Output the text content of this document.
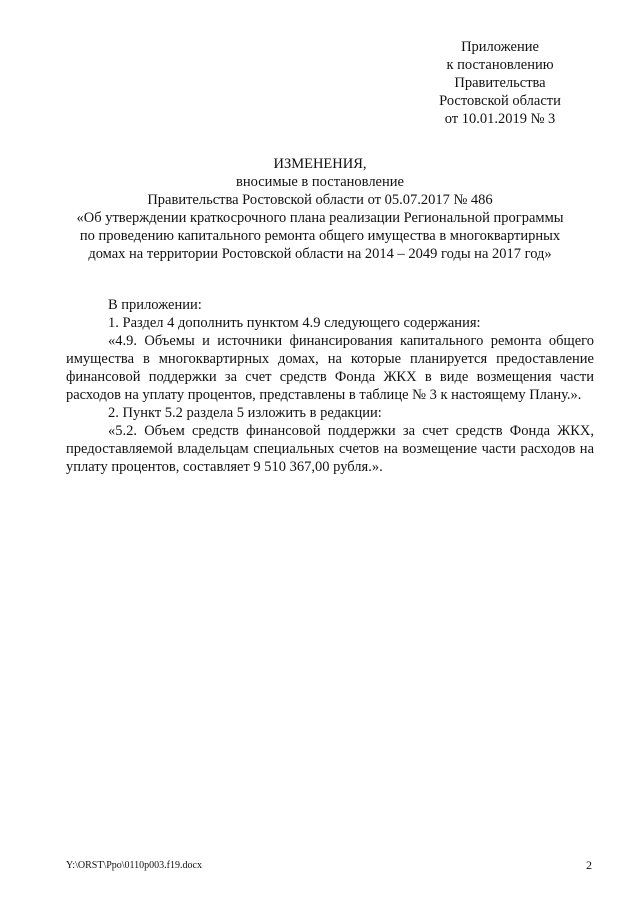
Приложение
к постановлению
Правительства
Ростовской области
от 10.01.2019 № 3
ИЗМЕНЕНИЯ,
вносимые в постановление
Правительства Ростовской области от 05.07.2017 № 486
«Об утверждении краткосрочного плана реализации Региональной программы
по проведению капитального ремонта общего имущества в многоквартирных
домах на территории Ростовской области на 2014 – 2049 годы на 2017 год»

В приложении:

1. Раздел 4 дополнить пунктом 4.9 следующего содержания:

«4.9. Объемы и источники финансирования капитального ремонта общего имущества в многоквартирных домах, на которые планируется предоставление финансовой поддержки за счет средств Фонда ЖКХ в виде возмещения части расходов на уплату процентов, представлены в таблице № 3 к настоящему Плану.».

2. Пункт 5.2 раздела 5 изложить в редакции:

«5.2. Объем средств финансовой поддержки за счет средств Фонда ЖКХ, предоставляемой владельцам специальных счетов на возмещение части расходов на уплату процентов, составляет 9 510 367,00 рубля.».

Y:\ORST\Ppo\0110p003.f19.docx	2
